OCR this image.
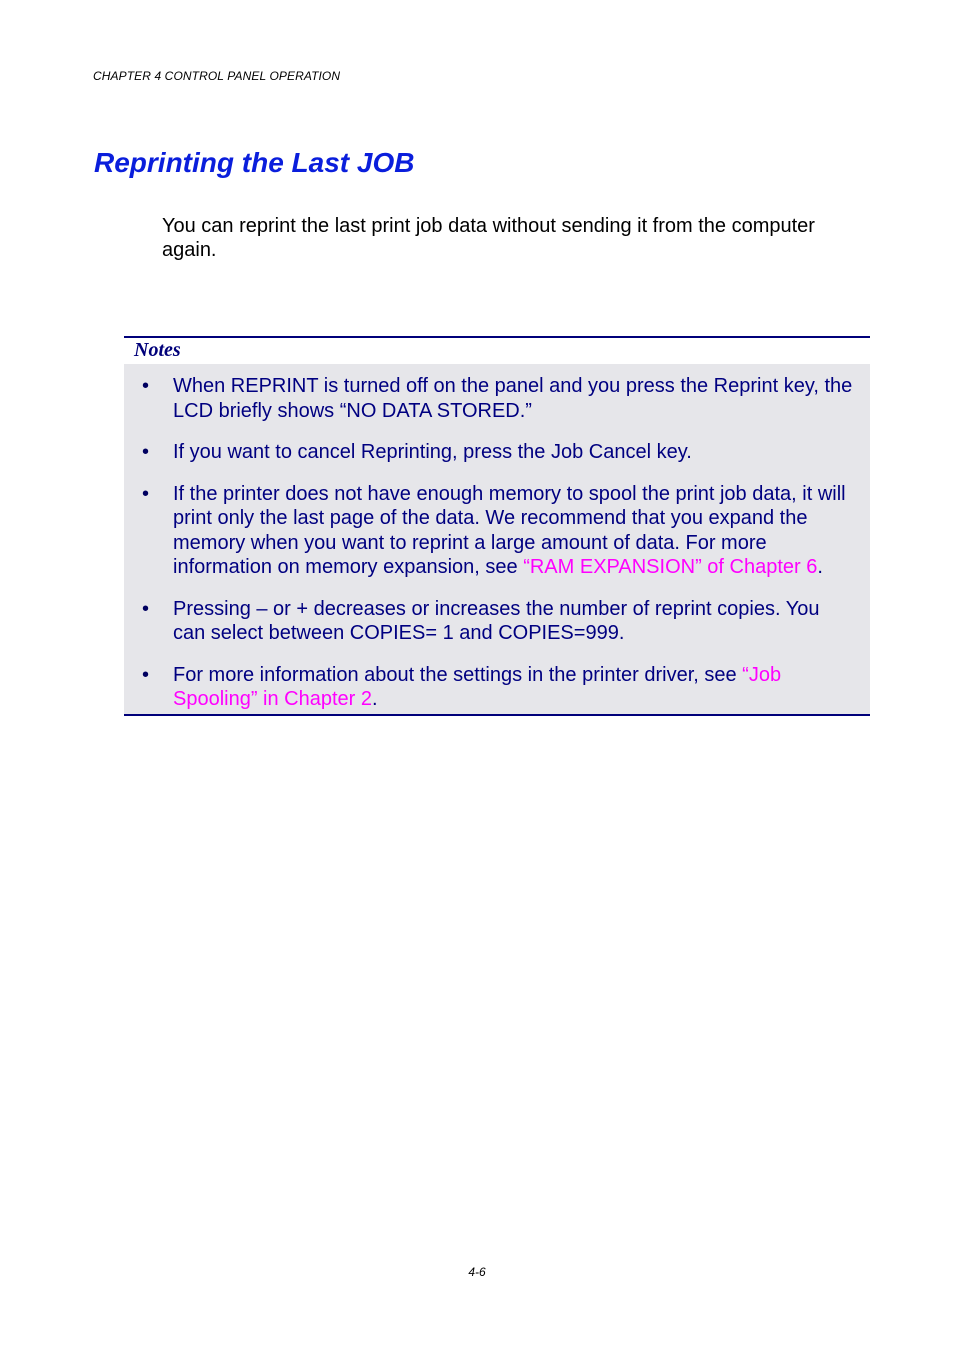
CHAPTER 4 CONTROL PANEL OPERATION
Reprinting the Last JOB

You can reprint the last print job data without sending it from the computer again.

Notes
• When REPRINT is turned off on the panel and you press the Reprint key, the LCD briefly shows “NO DATA STORED.”
• If you want to cancel Reprinting, press the Job Cancel key.
• If the printer does not have enough memory to spool the print job data, it will print only the last page of the data. We recommend that you expand the memory when you want to reprint a large amount of data. For more information on memory expansion, see “RAM EXPANSION” of Chapter 6.
• Pressing – or + decreases or increases the number of reprint copies. You can select between COPIES= 1 and COPIES=999.
• For more information about the settings in the printer driver, see “Job Spooling” in Chapter 2.
4-6
